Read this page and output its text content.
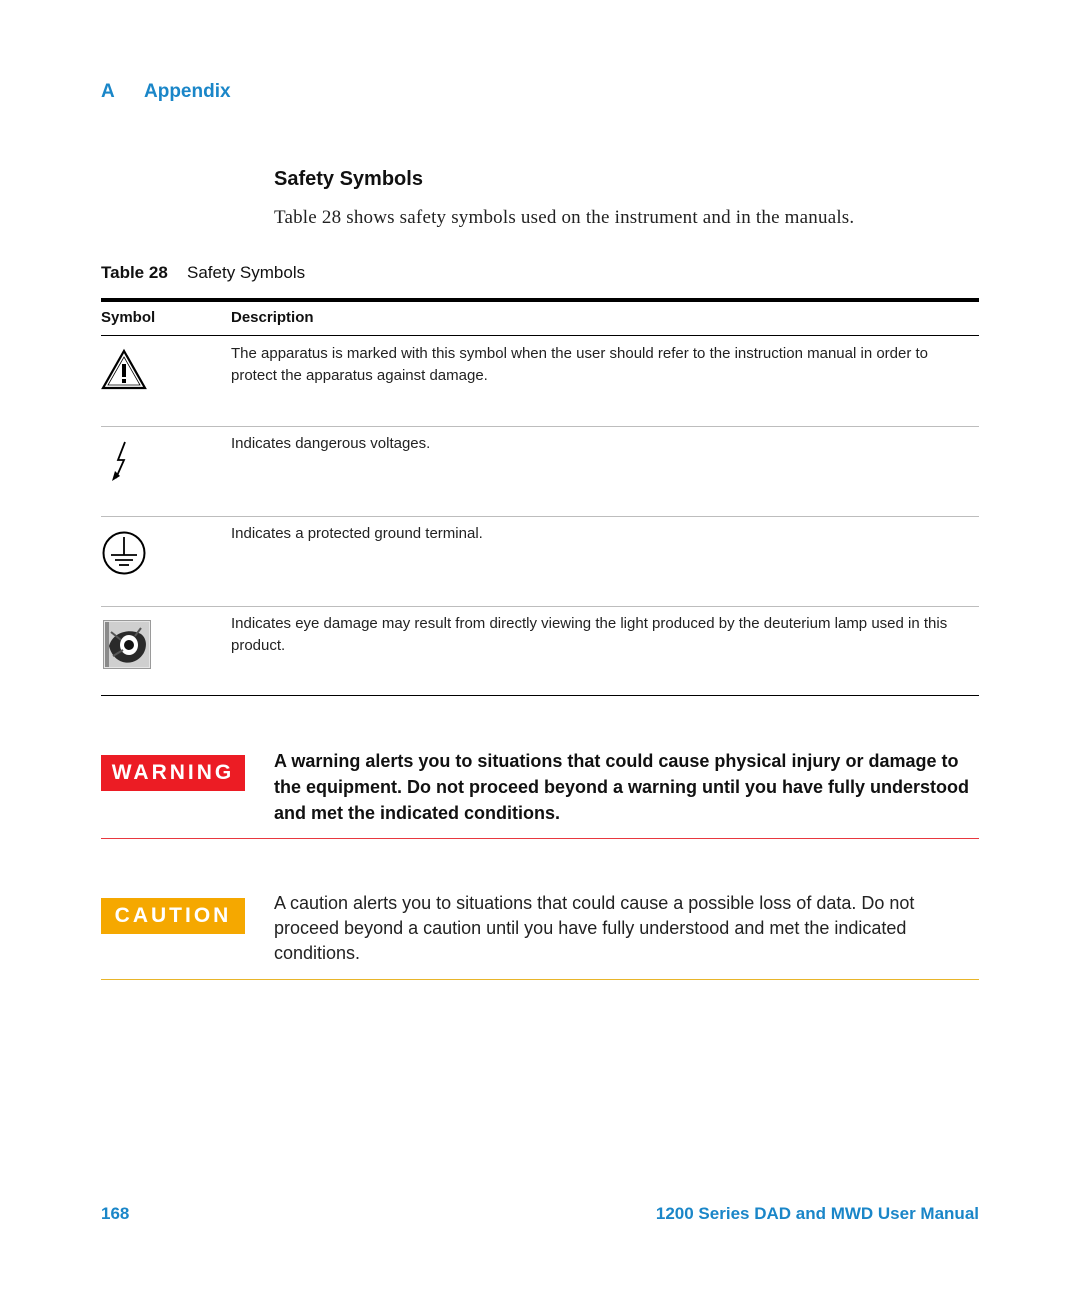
A Appendix
Safety Symbols
Table 28 shows safety symbols used on the instrument and in the manuals.
Table 28 Safety Symbols
Symbol	Description
The apparatus is marked with this symbol when the user should refer to the instruction manual in order to protect the apparatus against damage.
Indicates dangerous voltages.
Indicates a protected ground terminal.
Indicates eye damage may result from directly viewing the light produced by the deuterium lamp used in this product.
WARNING	A warning alerts you to situations that could cause physical injury or damage to the equipment. Do not proceed beyond a warning until you have fully understood and met the indicated conditions.
CAUTION
A caution alerts you to situations that could cause a possible loss of data. Do not proceed beyond a caution until you have fully understood and met the indicated conditions.
168	1200 Series DAD and MWD User Manual
